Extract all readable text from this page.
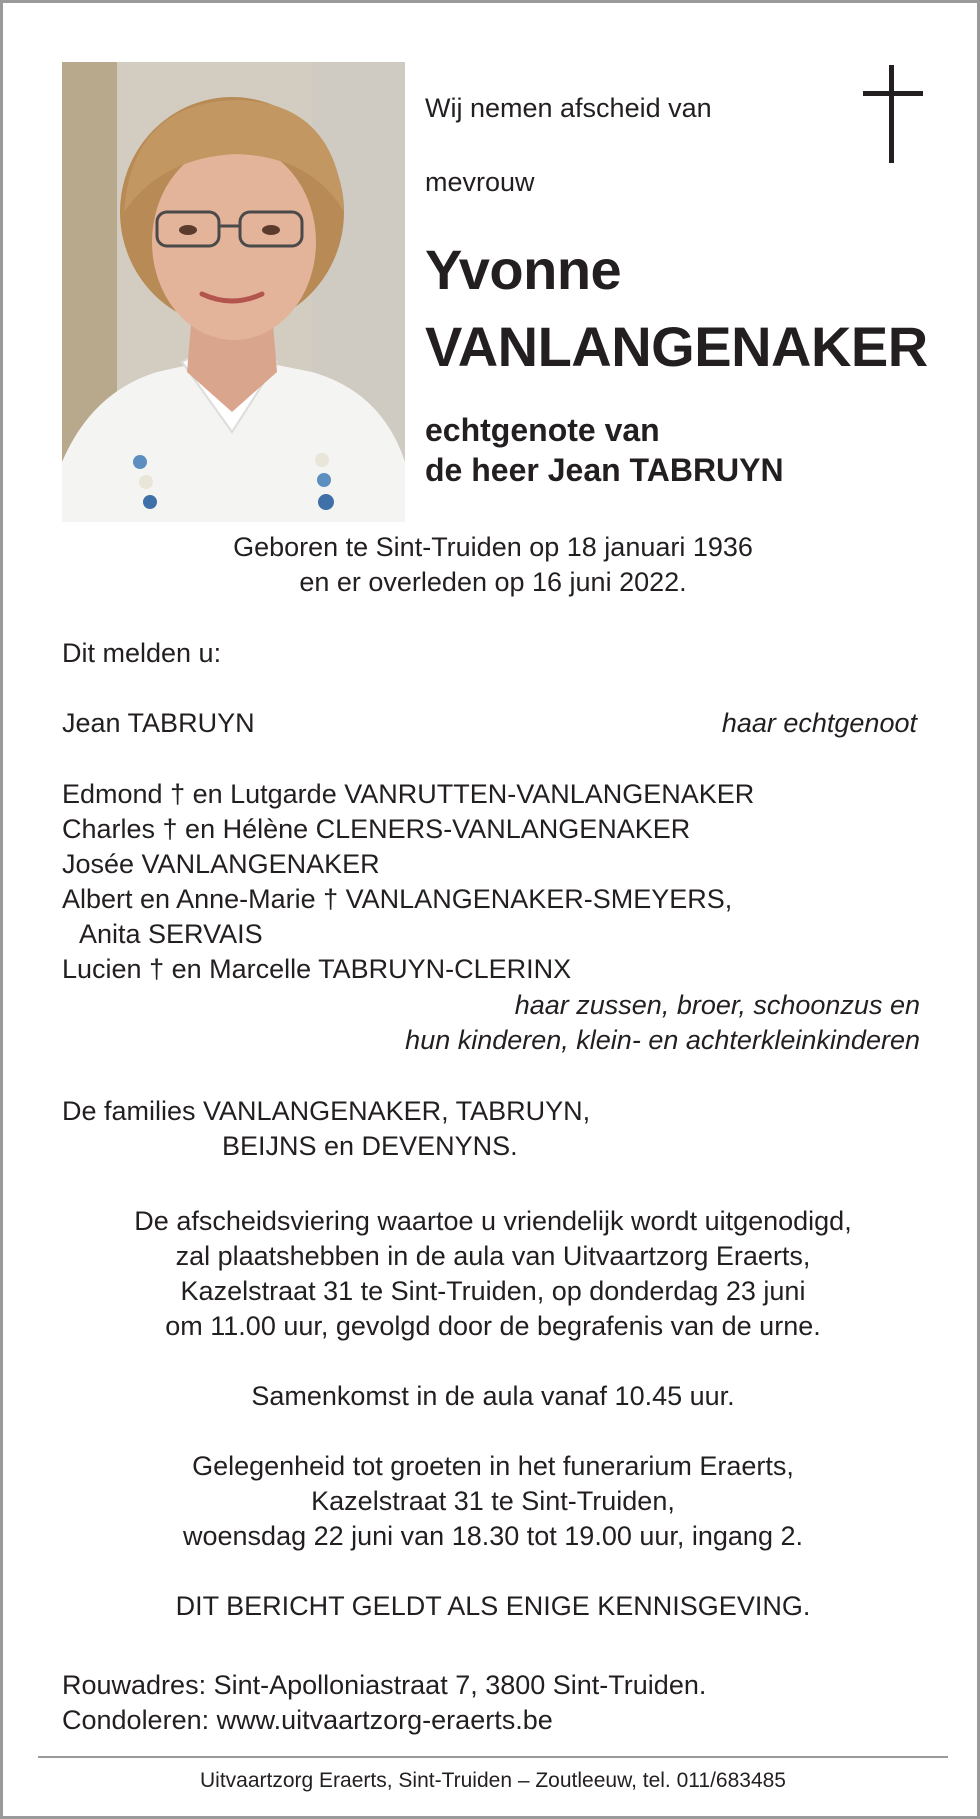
Wij nemen afscheid van
mevrouw
Yvonne
VANLANGENAKER
echtgenote van
de heer Jean TABRUYN
Geboren te Sint-Truiden op 18 januari 1936
en er overleden op 16 juni 2022.
Dit melden u:
Jean TABRUYN	haar echtgenoot
Edmond † en Lutgarde VANRUTTEN-VANLANGENAKER
Charles † en Hélène CLENERS-VANLANGENAKER
Josée VANLANGENAKER
Albert en Anne-Marie † VANLANGENAKER-SMEYERS,
Anita SERVAIS
Lucien † en Marcelle TABRUYN-CLERINX
haar zussen, broer, schoonzus en
hun kinderen, klein- en achterkleinkinderen
De families VANLANGENAKER, TABRUYN,
BEIJNS en DEVENYNS.
De afscheidsviering waartoe u vriendelijk wordt uitgenodigd,
zal plaatshebben in de aula van Uitvaartzorg Eraerts,
Kazelstraat 31 te Sint-Truiden, op donderdag 23 juni
om 11.00 uur, gevolgd door de begrafenis van de urne.
Samenkomst in de aula vanaf 10.45 uur.
Gelegenheid tot groeten in het funerarium Eraerts,
Kazelstraat 31 te Sint-Truiden,
woensdag 22 juni van 18.30 tot 19.00 uur, ingang 2.
DIT BERICHT GELDT ALS ENIGE KENNISGEVING.
Rouwadres: Sint-Apolloniastraat 7, 3800 Sint-Truiden.
Condoleren: www.uitvaartzorg-eraerts.be
Uitvaartzorg Eraerts, Sint-Truiden – Zoutleeuw, tel. 011/683485
